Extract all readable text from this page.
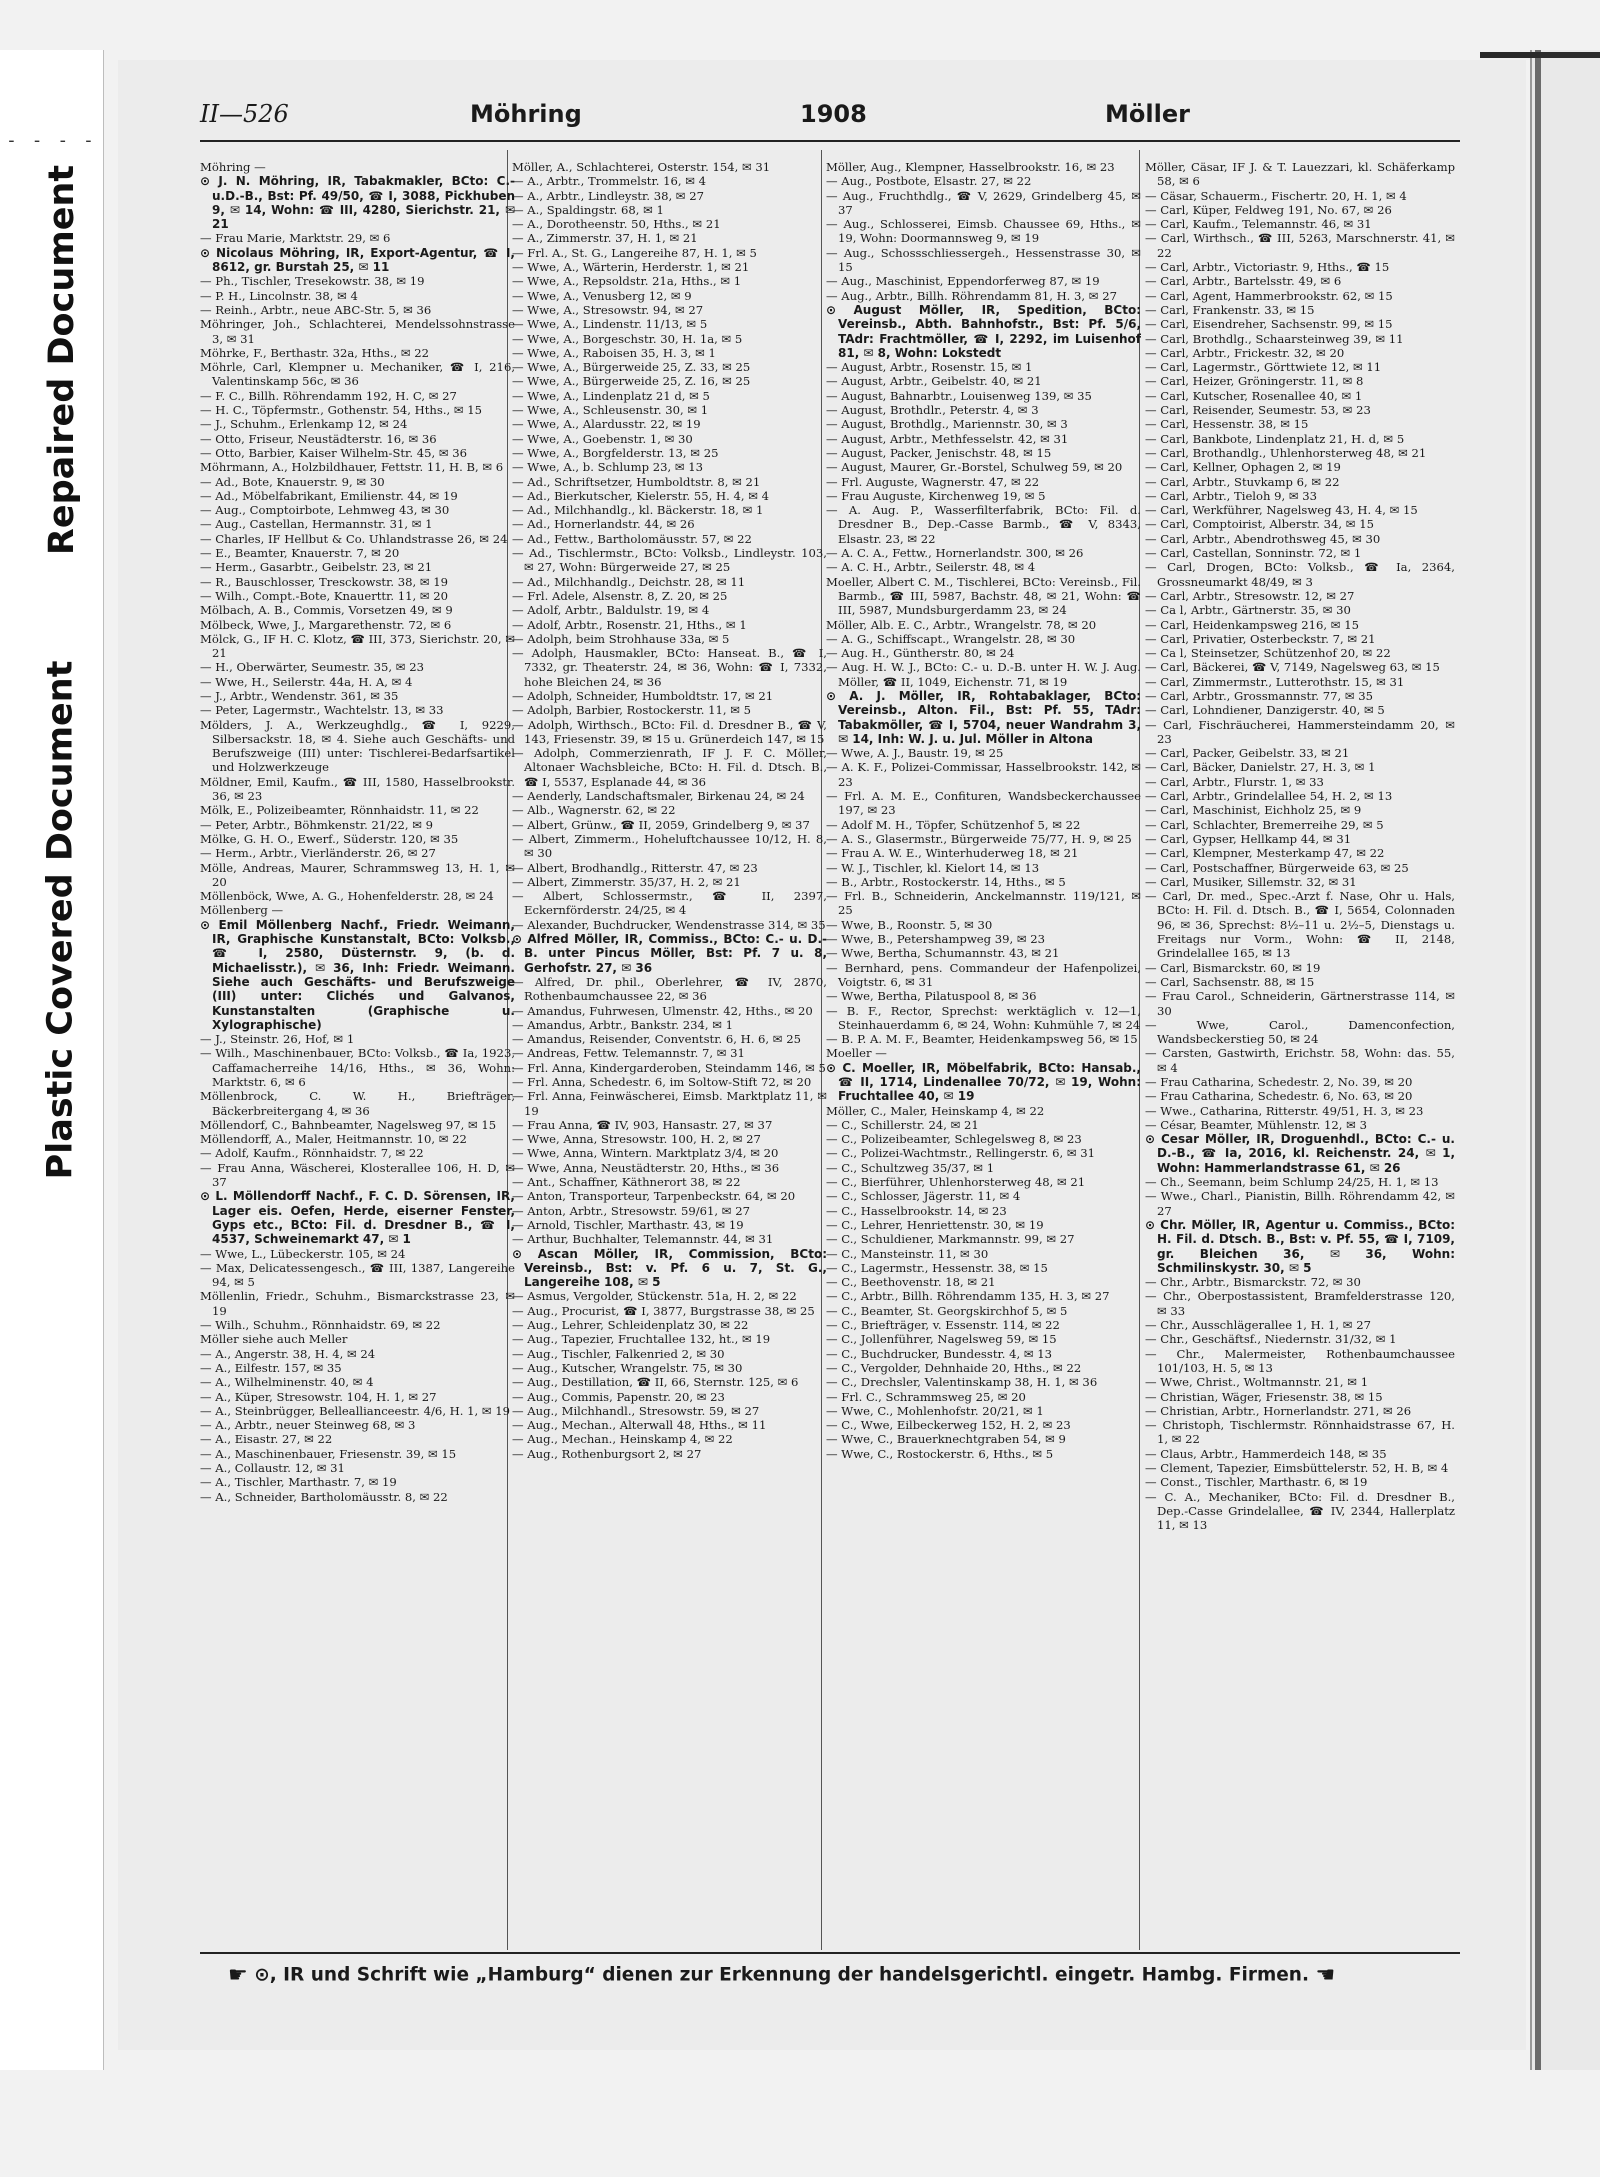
- - - -
Repaired Document
Plastic Covered Document
II—526	Möhring	1908	Möller

Möhring —

⊙ J. N. Möhring, IR, Tabakmakler, BCto: C.-u.D.-B., Bst: Pf. 49/50, ☎ I, 3088, Pickhuben 9, ✉ 14, Wohn: ☎ III, 4280, Sierichstr. 21, ✉ 21

— Frau Marie, Marktstr. 29, ✉ 6

⊙ Nicolaus Möhring, IR, Export-Agentur, ☎ I, 8612, gr. Burstah 25, ✉ 11

— Ph., Tischler, Tresekowstr. 38, ✉ 19

— P. H., Lincolnstr. 38, ✉ 4

— Reinh., Arbtr., neue ABC-Str. 5, ✉ 36

Möhringer, Joh., Schlachterei, Mendelssohnstrasse 3, ✉ 31

Möhrke, F., Berthastr. 32a, Hths., ✉ 22

Möhrle, Carl, Klempner u. Mechaniker, ☎ I, 216, Valentinskamp 56c, ✉ 36

— F. C., Billh. Röhrendamm 192, H. C, ✉ 27

— H. C., Töpfermstr., Gothenstr. 54, Hths., ✉ 15

— J., Schuhm., Erlenkamp 12, ✉ 24

— Otto, Friseur, Neustädterstr. 16, ✉ 36

— Otto, Barbier, Kaiser Wilhelm-Str. 45, ✉ 36

Möhrmann, A., Holzbildhauer, Fettstr. 11, H. B, ✉ 6

— Ad., Bote, Knauerstr. 9, ✉ 30

— Ad., Möbelfabrikant, Emilienstr. 44, ✉ 19

— Aug., Comptoirbote, Lehmweg 43, ✉ 30

— Aug., Castellan, Hermannstr. 31, ✉ 1

— Charles, IF Hellbut & Co. Uhlandstrasse 26, ✉ 24

— E., Beamter, Knauerstr. 7, ✉ 20

— Herm., Gasarbtr., Geibelstr. 23, ✉ 21

— R., Bauschlosser, Tresckowstr. 38, ✉ 19

— Wilh., Compt.-Bote, Knauerttr. 11, ✉ 20

Mölbach, A. B., Commis, Vorsetzen 49, ✉ 9

Mölbeck, Wwe, J., Margarethenstr. 72, ✉ 6

Mölck, G., IF H. C. Klotz, ☎ III, 373, Sierichstr. 20, ✉ 21

— H., Oberwärter, Seumestr. 35, ✉ 23

— Wwe, H., Seilerstr. 44a, H. A, ✉ 4

— J., Arbtr., Wendenstr. 361, ✉ 35

— Peter, Lagermstr., Wachtelstr. 13, ✉ 33

Mölders, J. A., Werkzeughdlg., ☎ I, 9229, Silbersackstr. 18, ✉ 4. Siehe auch Geschäfts- und Berufszweige (III) unter: Tischlerei-Bedarfsartikel und Holzwerkzeuge

Möldner, Emil, Kaufm., ☎ III, 1580, Hasselbrookstr. 36, ✉ 23

Mölk, E., Polizeibeamter, Rönnhaidstr. 11, ✉ 22

— Peter, Arbtr., Böhmkenstr. 21/22, ✉ 9

Mölke, G. H. O., Ewerf., Süderstr. 120, ✉ 35

— Herm., Arbtr., Vierländerstr. 26, ✉ 27

Mölle, Andreas, Maurer, Schrammsweg 13, H. 1, ✉ 20

Möllenböck, Wwe, A. G., Hohenfelderstr. 28, ✉ 24

Möllenberg —

⊙ Emil Möllenberg Nachf., Friedr. Weimann, IR, Graphische Kunstanstalt, BCto: Volksb., ☎ I, 2580, Düsternstr. 9, (b. d. Michaelisstr.), ✉ 36, Inh: Friedr. Weimann. Siehe auch Geschäfts- und Berufszweige (III) unter: Clichés und Galvanos, Kunstanstalten (Graphische u. Xylographische)

— J., Steinstr. 26, Hof, ✉ 1

— Wilh., Maschinenbauer, BCto: Volksb., ☎ Ia, 1923, Caffamacherreihe 14/16, Hths., ✉ 36, Wohn: Marktstr. 6, ✉ 6

Möllenbrock, C. W. H., Briefträger, Bäckerbreitergang 4, ✉ 36

Möllendorf, C., Bahnbeamter, Nagelsweg 97, ✉ 15

Möllendorff, A., Maler, Heitmannstr. 10, ✉ 22

— Adolf, Kaufm., Rönnhaidstr. 7, ✉ 22

— Frau Anna, Wäscherei, Klosterallee 106, H. D, ✉ 37

⊙ L. Möllendorff Nachf., F. C. D. Sörensen, IR, Lager eis. Oefen, Herde, eiserner Fenster, Gyps etc., BCto: Fil. d. Dresdner B., ☎ I, 4537, Schweinemarkt 47, ✉ 1

— Wwe, L., Lübeckerstr. 105, ✉ 24

— Max, Delicatessengesch., ☎ III, 1387, Langereihe 94, ✉ 5

Möllenlin, Friedr., Schuhm., Bismarckstrasse 23, ✉ 19

— Wilh., Schuhm., Rönnhaidstr. 69, ✉ 22

Möller siehe auch Meller

— A., Angerstr. 38, H. 4, ✉ 24

— A., Eilfestr. 157, ✉ 35

— A., Wilhelminenstr. 40, ✉ 4

— A., Küper, Stresowstr. 104, H. 1, ✉ 27

— A., Steinbrügger, Belleallianceestr. 4/6, H. 1, ✉ 19

— A., Arbtr., neuer Steinweg 68, ✉ 3

— A., Eisastr. 27, ✉ 22

— A., Maschinenbauer, Friesenstr. 39, ✉ 15

— A., Collaustr. 12, ✉ 31

— A., Tischler, Marthastr. 7, ✉ 19

— A., Schneider, Bartholomäusstr. 8, ✉ 22

Möller, A., Schlachterei, Osterstr. 154, ✉ 31

— A., Arbtr., Trommelstr. 16, ✉ 4

— A., Arbtr., Lindleystr. 38, ✉ 27

— A., Spaldingstr. 68, ✉ 1

— A., Dorotheenstr. 50, Hths., ✉ 21

— A., Zimmerstr. 37, H. 1, ✉ 21

— Frl. A., St. G., Langereihe 87, H. 1, ✉ 5

— Wwe, A., Wärterin, Herderstr. 1, ✉ 21

— Wwe, A., Repsoldstr. 21a, Hths., ✉ 1

— Wwe, A., Venusberg 12, ✉ 9

— Wwe, A., Stresowstr. 94, ✉ 27

— Wwe, A., Lindenstr. 11/13, ✉ 5

— Wwe, A., Borgeschstr. 30, H. 1a, ✉ 5

— Wwe, A., Raboisen 35, H. 3, ✉ 1

— Wwe, A., Bürgerweide 25, Z. 33, ✉ 25

— Wwe, A., Bürgerweide 25, Z. 16, ✉ 25

— Wwe, A., Lindenplatz 21 d, ✉ 5

— Wwe, A., Schleusenstr. 30, ✉ 1

— Wwe, A., Alardusstr. 22, ✉ 19

— Wwe, A., Goebenstr. 1, ✉ 30

— Wwe, A., Borgfelderstr. 13, ✉ 25

— Wwe, A., b. Schlump 23, ✉ 13

— Ad., Schriftsetzer, Humboldtstr. 8, ✉ 21

— Ad., Bierkutscher, Kielerstr. 55, H. 4, ✉ 4

— Ad., Milchhandlg., kl. Bäckerstr. 18, ✉ 1

— Ad., Hornerlandstr. 44, ✉ 26

— Ad., Fettw., Bartholomäusstr. 57, ✉ 22

— Ad., Tischlermstr., BCto: Volksb., Lindleystr. 103, ✉ 27, Wohn: Bürgerweide 27, ✉ 25

— Ad., Milchhandlg., Deichstr. 28, ✉ 11

— Frl. Adele, Alsenstr. 8, Z. 20, ✉ 25

— Adolf, Arbtr., Baldulstr. 19, ✉ 4

— Adolf, Arbtr., Rosenstr. 21, Hths., ✉ 1

— Adolph, beim Strohhause 33a, ✉ 5

— Adolph, Hausmakler, BCto: Hanseat. B., ☎ I, 7332, gr. Theaterstr. 24, ✉ 36, Wohn: ☎ I, 7332, hohe Bleichen 24, ✉ 36

— Adolph, Schneider, Humboldtstr. 17, ✉ 21

— Adolph, Barbier, Rostockerstr. 11, ✉ 5

— Adolph, Wirthsch., BCto: Fil. d. Dresdner B., ☎ V, 143, Friesenstr. 39, ✉ 15 u. Grünerdeich 147, ✉ 15

— Adolph, Commerzienrath, IF J. F. C. Möller, Altonaer Wachsbleiche, BCto: H. Fil. d. Dtsch. B., ☎ I, 5537, Esplanade 44, ✉ 36

— Aenderly, Landschaftsmaler, Birkenau 24, ✉ 24

— Alb., Wagnerstr. 62, ✉ 22

— Albert, Grünw., ☎ II, 2059, Grindelberg 9, ✉ 37

— Albert, Zimmerm., Hoheluftchaussee 10/12, H. 8, ✉ 30

— Albert, Brodhandlg., Ritterstr. 47, ✉ 23

— Albert, Zimmerstr. 35/37, H. 2, ✉ 21

— Albert, Schlossermstr., ☎ II, 2397, Eckernförderstr. 24/25, ✉ 4

— Alexander, Buchdrucker, Wendenstrasse 314, ✉ 35

⊙ Alfred Möller, IR, Commiss., BCto: C.- u. D.-B. unter Pincus Möller, Bst: Pf. 7 u. 8, Gerhofstr. 27, ✉ 36

— Alfred, Dr. phil., Oberlehrer, ☎ IV, 2870, Rothenbaumchaussee 22, ✉ 36

— Amandus, Fuhrwesen, Ulmenstr. 42, Hths., ✉ 20

— Amandus, Arbtr., Bankstr. 234, ✉ 1

— Amandus, Reisender, Conventstr. 6, H. 6, ✉ 25

— Andreas, Fettw. Telemannstr. 7, ✉ 31

— Frl. Anna, Kindergarderoben, Steindamm 146, ✉ 5

— Frl. Anna, Schedestr. 6, im Soltow-Stift 72, ✉ 20

— Frl. Anna, Feinwäscherei, Eimsb. Marktplatz 11, ✉ 19

— Frau Anna, ☎ IV, 903, Hansastr. 27, ✉ 37

— Wwe, Anna, Stresowstr. 100, H. 2, ✉ 27

— Wwe, Anna, Wintern. Marktplatz 3/4, ✉ 20

— Wwe, Anna, Neustädterstr. 20, Hths., ✉ 36

— Ant., Schaffner, Käthnerort 38, ✉ 22

— Anton, Transporteur, Tarpenbeckstr. 64, ✉ 20

— Anton, Arbtr., Stresowstr. 59/61, ✉ 27

— Arnold, Tischler, Marthastr. 43, ✉ 19

— Arthur, Buchhalter, Telemannstr. 44, ✉ 31

⊙ Ascan Möller, IR, Commission, BCto: Vereinsb., Bst: v. Pf. 6 u. 7, St. G., Langereihe 108, ✉ 5

— Asmus, Vergolder, Stückenstr. 51a, H. 2, ✉ 22

— Aug., Procurist, ☎ I, 3877, Burgstrasse 38, ✉ 25

— Aug., Lehrer, Schleidenplatz 30, ✉ 22

— Aug., Tapezier, Fruchtallee 132, ht., ✉ 19

— Aug., Tischler, Falkenried 2, ✉ 30

— Aug., Kutscher, Wrangelstr. 75, ✉ 30

— Aug., Destillation, ☎ II, 66, Sternstr. 125, ✉ 6

— Aug., Commis, Papenstr. 20, ✉ 23

— Aug., Milchhandl., Stresowstr. 59, ✉ 27

— Aug., Mechan., Alterwall 48, Hths., ✉ 11

— Aug., Mechan., Heinskamp 4, ✉ 22

— Aug., Rothenburgsort 2, ✉ 27

Möller, Aug., Klempner, Hasselbrookstr. 16, ✉ 23

— Aug., Postbote, Elsastr. 27, ✉ 22

— Aug., Fruchthdlg., ☎ V, 2629, Grindelberg 45, ✉ 37

— Aug., Schlosserei, Eimsb. Chaussee 69, Hths., ✉ 19, Wohn: Doormannsweg 9, ✉ 19

— Aug., Schossschliessergeh., Hessenstrasse 30, ✉ 15

— Aug., Maschinist, Eppendorferweg 87, ✉ 19

— Aug., Arbtr., Billh. Röhrendamm 81, H. 3, ✉ 27

⊙ August Möller, IR, Spedition, BCto: Vereinsb., Abth. Bahnhofstr., Bst: Pf. 5/6, TAdr: Frachtmöller, ☎ I, 2292, im Luisenhof 81, ✉ 8, Wohn: Lokstedt

— August, Arbtr., Rosenstr. 15, ✉ 1

— August, Arbtr., Geibelstr. 40, ✉ 21

— August, Bahnarbtr., Louisenweg 139, ✉ 35

— August, Brothdlr., Peterstr. 4, ✉ 3

— August, Brothdlg., Mariennstr. 30, ✉ 3

— August, Arbtr., Methfesselstr. 42, ✉ 31

— August, Packer, Jenischstr. 48, ✉ 15

— August, Maurer, Gr.-Borstel, Schulweg 59, ✉ 20

— Frl. Auguste, Wagnerstr. 47, ✉ 22

— Frau Auguste, Kirchenweg 19, ✉ 5

— A. Aug. P., Wasserfilterfabrik, BCto: Fil. d. Dresdner B., Dep.-Casse Barmb., ☎ V, 8343, Elsastr. 23, ✉ 22

— A. C. A., Fettw., Hornerlandstr. 300, ✉ 26

— A. C. H., Arbtr., Seilerstr. 48, ✉ 4

Moeller, Albert C. M., Tischlerei, BCto: Vereinsb., Fil. Barmb., ☎ III, 5987, Bachstr. 48, ✉ 21, Wohn: ☎ III, 5987, Mundsburgerdamm 23, ✉ 24

Möller, Alb. E. C., Arbtr., Wrangelstr. 78, ✉ 20

— A. G., Schiffscapt., Wrangelstr. 28, ✉ 30

— Aug. H., Güntherstr. 80, ✉ 24

— Aug. H. W. J., BCto: C.- u. D.-B. unter H. W. J. Aug. Möller, ☎ II, 1049, Eichenstr. 71, ✉ 19

⊙ A. J. Möller, IR, Rohtabaklager, BCto: Vereinsb., Alton. Fil., Bst: Pf. 55, TAdr: Tabakmöller, ☎ I, 5704, neuer Wandrahm 3, ✉ 14, Inh: W. J. u. Jul. Möller in Altona

— Wwe, A. J., Baustr. 19, ✉ 25

— A. K. F., Polizei-Commissar, Hasselbrookstr. 142, ✉ 23

— Frl. A. M. E., Confituren, Wandsbeckerchaussee 197, ✉ 23

— Adolf M. H., Töpfer, Schützenhof 5, ✉ 22

— A. S., Glasermstr., Bürgerweide 75/77, H. 9, ✉ 25

— Frau A. W. E., Winterhuderweg 18, ✉ 21

— W. J., Tischler, kl. Kielort 14, ✉ 13

— B., Arbtr., Rostockerstr. 14, Hths., ✉ 5

— Frl. B., Schneiderin, Anckelmannstr. 119/121, ✉ 25

— Wwe, B., Roonstr. 5, ✉ 30

— Wwe, B., Petershampweg 39, ✉ 23

— Wwe, Bertha, Schumannstr. 43, ✉ 21

— Bernhard, pens. Commandeur der Hafenpolizei, Voigtstr. 6, ✉ 31

— Wwe, Bertha, Pilatuspool 8, ✉ 36

— B. F., Rector, Sprechst: werktäglich v. 12—1, Steinhauerdamm 6, ✉ 24, Wohn: Kuhmühle 7, ✉ 24

— B. P. A. M. F., Beamter, Heidenkampsweg 56, ✉ 15

Moeller —

⊙ C. Moeller, IR, Möbelfabrik, BCto: Hansab., ☎ II, 1714, Lindenallee 70/72, ✉ 19, Wohn: Fruchtallee 40, ✉ 19

Möller, C., Maler, Heinskamp 4, ✉ 22

— C., Schillerstr. 24, ✉ 21

— C., Polizeibeamter, Schlegelsweg 8, ✉ 23

— C., Polizei-Wachtmstr., Rellingerstr. 6, ✉ 31

— C., Schultzweg 35/37, ✉ 1

— C., Bierführer, Uhlenhorsterweg 48, ✉ 21

— C., Schlosser, Jägerstr. 11, ✉ 4

— C., Hasselbrookstr. 14, ✉ 23

— C., Lehrer, Henriettenstr. 30, ✉ 19

— C., Schuldiener, Markmannstr. 99, ✉ 27

— C., Mansteinstr. 11, ✉ 30

— C., Lagermstr., Hessenstr. 38, ✉ 15

— C., Beethovenstr. 18, ✉ 21

— C., Arbtr., Billh. Röhrendamm 135, H. 3, ✉ 27

— C., Beamter, St. Georgskirchhof 5, ✉ 5

— C., Briefträger, v. Essenstr. 114, ✉ 22

— C., Jollenführer, Nagelsweg 59, ✉ 15

— C., Buchdrucker, Bundesstr. 4, ✉ 13

— C., Vergolder, Dehnhaide 20, Hths., ✉ 22

— C., Drechsler, Valentinskamp 38, H. 1, ✉ 36

— Frl. C., Schrammsweg 25, ✉ 20

— Wwe, C., Mohlenhofstr. 20/21, ✉ 1

— C., Wwe, Eilbeckerweg 152, H. 2, ✉ 23

— Wwe, C., Brauerknechtgraben 54, ✉ 9

— Wwe, C., Rostockerstr. 6, Hths., ✉ 5

Möller, Cäsar, IF J. & T. Lauezzari, kl. Schäferkamp 58, ✉ 6

— Cäsar, Schauerm., Fischertr. 20, H. 1, ✉ 4

— Carl, Küper, Feldweg 191, No. 67, ✉ 26

— Carl, Kaufm., Telemannstr. 46, ✉ 31

— Carl, Wirthsch., ☎ III, 5263, Marschnerstr. 41, ✉ 22

— Carl, Arbtr., Victoriastr. 9, Hths., ☎ 15

— Carl, Arbtr., Bartelsstr. 49, ✉ 6

— Carl, Agent, Hammerbrookstr. 62, ✉ 15

— Carl, Frankenstr. 33, ✉ 15

— Carl, Eisendreher, Sachsenstr. 99, ✉ 15

— Carl, Brothdlg., Schaarsteinweg 39, ✉ 11

— Carl, Arbtr., Frickestr. 32, ✉ 20

— Carl, Lagermstr., Görttwiete 12, ✉ 11

— Carl, Heizer, Gröningerstr. 11, ✉ 8

— Carl, Kutscher, Rosenallee 40, ✉ 1

— Carl, Reisender, Seumestr. 53, ✉ 23

— Carl, Hessenstr. 38, ✉ 15

— Carl, Bankbote, Lindenplatz 21, H. d, ✉ 5

— Carl, Brothandlg., Uhlenhorsterweg 48, ✉ 21

— Carl, Kellner, Ophagen 2, ✉ 19

— Carl, Arbtr., Stuvkamp 6, ✉ 22

— Carl, Arbtr., Tieloh 9, ✉ 33

— Carl, Werkführer, Nagelsweg 43, H. 4, ✉ 15

— Carl, Comptoirist, Alberstr. 34, ✉ 15

— Carl, Arbtr., Abendrothsweg 45, ✉ 30

— Carl, Castellan, Sonninstr. 72, ✉ 1

— Carl, Drogen, BCto: Volksb., ☎ Ia, 2364, Grossneumarkt 48/49, ✉ 3

— Carl, Arbtr., Stresowstr. 12, ✉ 27

— Ca l, Arbtr., Gärtnerstr. 35, ✉ 30

— Carl, Heidenkampsweg 216, ✉ 15

— Carl, Privatier, Osterbeckstr. 7, ✉ 21

— Ca l, Steinsetzer, Schützenhof 20, ✉ 22

— Carl, Bäckerei, ☎ V, 7149, Nagelsweg 63, ✉ 15

— Carl, Zimmermstr., Lutterothstr. 15, ✉ 31

— Carl, Arbtr., Grossmannstr. 77, ✉ 35

— Carl, Lohndiener, Danzigerstr. 40, ✉ 5

— Carl, Fischräucherei, Hammersteindamm 20, ✉ 23

— Carl, Packer, Geibelstr. 33, ✉ 21

— Carl, Bäcker, Danielstr. 27, H. 3, ✉ 1

— Carl, Arbtr., Flurstr. 1, ✉ 33

— Carl, Arbtr., Grindelallee 54, H. 2, ✉ 13

— Carl, Maschinist, Eichholz 25, ✉ 9

— Carl, Schlachter, Bremerreihe 29, ✉ 5

— Carl, Gypser, Hellkamp 44, ✉ 31

— Carl, Klempner, Mesterkamp 47, ✉ 22

— Carl, Postschaffner, Bürgerweide 63, ✉ 25

— Carl, Musiker, Sillemstr. 32, ✉ 31

— Carl, Dr. med., Spec.-Arzt f. Nase, Ohr u. Hals, BCto: H. Fil. d. Dtsch. B., ☎ I, 5654, Colonnaden 96, ✉ 36, Sprechst: 8½–11 u. 2½–5, Dienstags u. Freitags nur Vorm., Wohn: ☎ II, 2148, Grindelallee 165, ✉ 13

— Carl, Bismarckstr. 60, ✉ 19

— Carl, Sachsenstr. 88, ✉ 15

— Frau Carol., Schneiderin, Gärtnerstrasse 114, ✉ 30

— Wwe, Carol., Damenconfection, Wandsbeckerstieg 50, ✉ 24

— Carsten, Gastwirth, Erichstr. 58, Wohn: das. 55, ✉ 4

— Frau Catharina, Schedestr. 2, No. 39, ✉ 20

— Frau Catharina, Schedestr. 6, No. 63, ✉ 20

— Wwe., Catharina, Ritterstr. 49/51, H. 3, ✉ 23

— César, Beamter, Mühlenstr. 12, ✉ 3

⊙ Cesar Möller, IR, Droguenhdl., BCto: C.- u. D.-B., ☎ Ia, 2016, kl. Reichenstr. 24, ✉ 1, Wohn: Hammerlandstrasse 61, ✉ 26

— Ch., Seemann, beim Schlump 24/25, H. 1, ✉ 13

— Wwe., Charl., Pianistin, Billh. Röhrendamm 42, ✉ 27

⊙ Chr. Möller, IR, Agentur u. Commiss., BCto: H. Fil. d. Dtsch. B., Bst: v. Pf. 55, ☎ I, 7109, gr. Bleichen 36, ✉ 36, Wohn: Schmilinskystr. 30, ✉ 5

— Chr., Arbtr., Bismarckstr. 72, ✉ 30

— Chr., Oberpostassistent, Bramfelderstrasse 120, ✉ 33

— Chr., Ausschlägerallee 1, H. 1, ✉ 27

— Chr., Geschäftsf., Niedernstr. 31/32, ✉ 1

— Chr., Malermeister, Rothenbaumchaussee 101/103, H. 5, ✉ 13

— Wwe, Christ., Woltmannstr. 21, ✉ 1

— Christian, Wäger, Friesenstr. 38, ✉ 15

— Christian, Arbtr., Hornerlandstr. 271, ✉ 26

— Christoph, Tischlermstr. Rönnhaidstrasse 67, H. 1, ✉ 22

— Claus, Arbtr., Hammerdeich 148, ✉ 35

— Clement, Tapezier, Eimsbüttelerstr. 52, H. B, ✉ 4

— Const., Tischler, Marthastr. 6, ✉ 19

— C. A., Mechaniker, BCto: Fil. d. Dresdner B., Dep.-Casse Grindelallee, ☎ IV, 2344, Hallerplatz 11, ✉ 13

☛ ⊙, IR und Schrift wie „Hamburg“ dienen zur Erkennung der handelsgerichtl. eingetr. Hambg. Firmen. ☚
